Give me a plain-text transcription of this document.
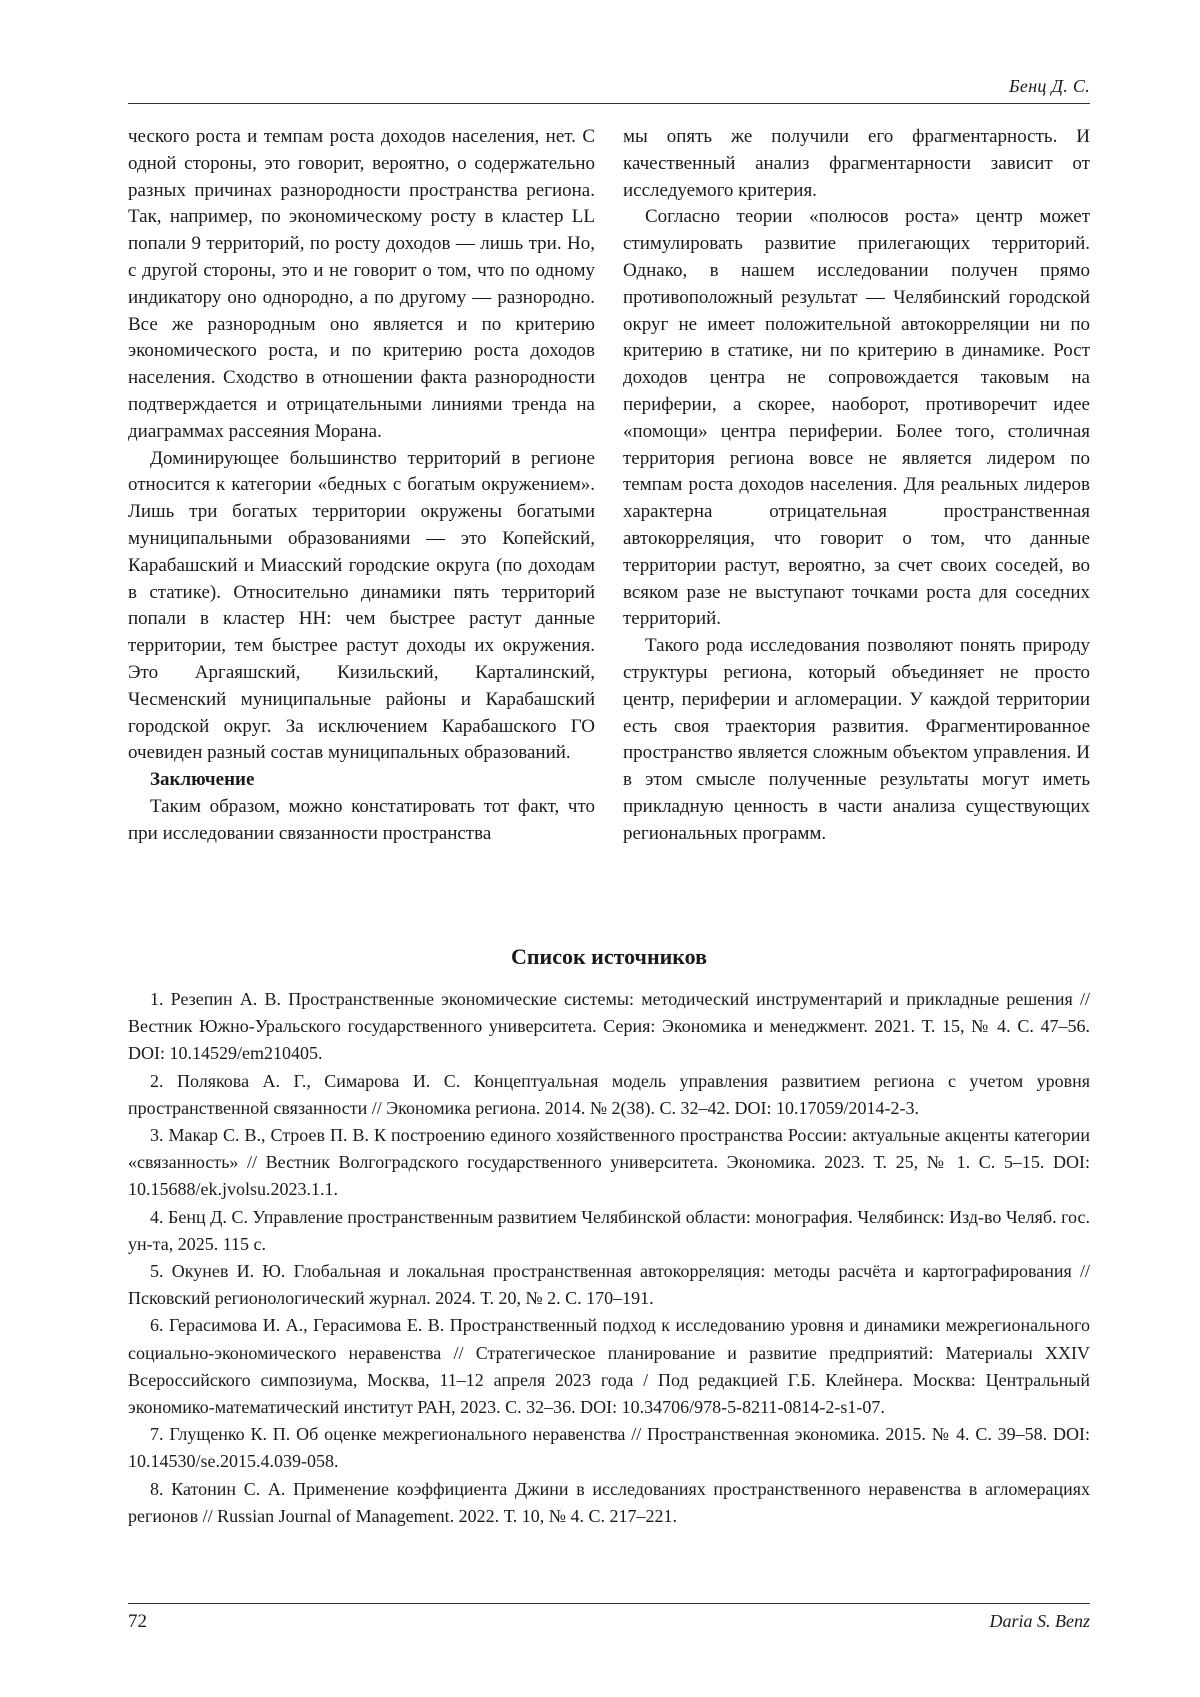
Бенц Д. С.

ческого роста и темпам роста доходов населения, нет. С одной стороны, это говорит, вероятно, о содержательно разных причинах разнородности пространства региона. Так, например, по экономическому росту в кластер LL попали 9 территорий, по росту доходов — лишь три. Но, с другой стороны, это и не говорит о том, что по одному индикатору оно однородно, а по другому — разнородно. Все же разнородным оно является и по критерию экономического роста, и по критерию роста доходов населения. Сходство в отношении факта разнородности подтверждается и отрицательными линиями тренда на диаграммах рассеяния Морана.

Доминирующее большинство территорий в регионе относится к категории «бедных с богатым окружением». Лишь три богатых территории окружены богатыми муниципальными образованиями — это Копейский, Карабашский и Миасский городские округа (по доходам в статике). Относительно динамики пять территорий попали в кластер HH: чем быстрее растут данные территории, тем быстрее растут доходы их окружения. Это Аргаяшский, Кизильский, Карталинский, Чесменский муниципальные районы и Карабашский городской округ. За исключением Карабашского ГО очевиден разный состав муниципальных образований.

Заключение

Таким образом, можно констатировать тот факт, что при исследовании связанности пространства

мы опять же получили его фрагментарность. И качественный анализ фрагментарности зависит от исследуемого критерия.

Согласно теории «полюсов роста» центр может стимулировать развитие прилегающих территорий. Однако, в нашем исследовании получен прямо противоположный результат — Челябинский городской округ не имеет положительной автокорреляции ни по критерию в статике, ни по критерию в динамике. Рост доходов центра не сопровождается таковым на периферии, а скорее, наоборот, противоречит идее «помощи» центра периферии. Более того, столичная территория региона вовсе не является лидером по темпам роста доходов населения. Для реальных лидеров характерна отрицательная пространственная автокорреляция, что говорит о том, что данные территории растут, вероятно, за счет своих соседей, во всяком разе не выступают точками роста для соседних территорий.

Такого рода исследования позволяют понять природу структуры региона, который объединяет не просто центр, периферии и агломерации. У каждой территории есть своя траектория развития. Фрагментированное пространство является сложным объектом управления. И в этом смысле полученные результаты могут иметь прикладную ценность в части анализа существующих региональных программ.

Список источников
1. Резепин А. В. Пространственные экономические системы: методический инструментарий и прикладные решения // Вестник Южно-Уральского государственного университета. Серия: Экономика и менеджмент. 2021. Т. 15, № 4. С. 47–56. DOI: 10.14529/em210405.
2. Полякова А. Г., Симарова И. С. Концептуальная модель управления развитием региона с учетом уровня пространственной связанности // Экономика региона. 2014. № 2(38). С. 32–42. DOI: 10.17059/2014-2-3.
3. Макар С. В., Строев П. В. К построению единого хозяйственного пространства России: актуальные акценты категории «связанность» // Вестник Волгоградского государственного университета. Экономика. 2023. Т. 25, № 1. С. 5–15. DOI: 10.15688/ek.jvolsu.2023.1.1.
4. Бенц Д. С. Управление пространственным развитием Челябинской области: монография. Челябинск: Изд-во Челяб. гос. ун-та, 2025. 115 с.
5. Окунев И. Ю. Глобальная и локальная пространственная автокорреляция: методы расчёта и картографирования // Псковский регионологический журнал. 2024. Т. 20, № 2. С. 170–191.
6. Герасимова И. А., Герасимова Е. В. Пространственный подход к исследованию уровня и динамики межрегионального социально-экономического неравенства // Стратегическое планирование и развитие предприятий: Материалы XXIV Всероссийского симпозиума, Москва, 11–12 апреля 2023 года / Под редакцией Г.Б. Клейнера. Москва: Центральный экономико-математический институт РАН, 2023. С. 32–36. DOI: 10.34706/978-5-8211-0814-2-s1-07.
7. Глущенко К. П. Об оценке межрегионального неравенства // Пространственная экономика. 2015. № 4. С. 39–58. DOI: 10.14530/se.2015.4.039-058.
8. Катонин С. А. Применение коэффициента Джини в исследованиях пространственного неравенства в агломерациях регионов // Russian Journal of Management. 2022. Т. 10, № 4. С. 217–221.
72	Daria S. Benz
